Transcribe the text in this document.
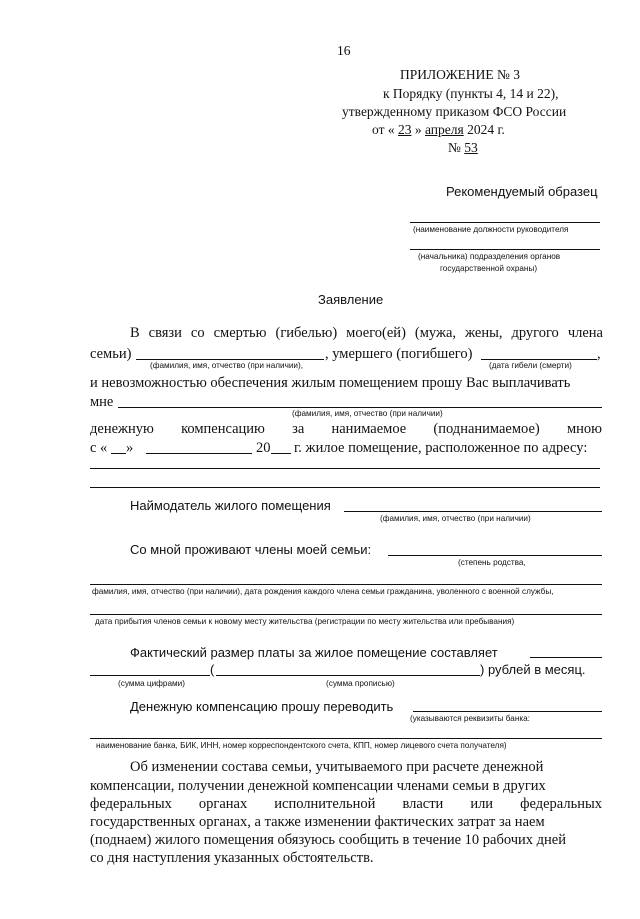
16
ПРИЛОЖЕНИЕ № 3
к Порядку (пункты 4, 14 и 22),
утвержденному приказом ФСО России
от « 23 » апреля 2024 г.
№ 53
Рекомендуемый образец
(наименование должности руководителя
(начальника) подразделения органов
государственной охраны)
Заявление
В связи со смертью (гибелью) моего(ей) (мужа, жены, другого члена
семьи)	, умершего (погибшего)	,
(фамилия, имя, отчество (при наличии),	(дата гибели (смерти)
и невозможностью обеспечения жилым помещением прошу Вас выплачивать
мне
(фамилия, имя, отчество (при наличии)
денежную компенсацию за нанимаемое (поднанимаемое) мною
с « »	20 г. жилое помещение, расположенное по адресу:
Наймодатель жилого помещения
(фамилия, имя, отчество (при наличии)
Со мной проживают члены моей семьи:
(степень родства,
фамилия, имя, отчество (при наличии), дата рождения каждого члена семьи гражданина, уволенного с военной службы,
дата прибытия членов семьи к новому месту жительства (регистрации по месту жительства или пребывания)
Фактический размер платы за жилое помещение составляет
(	) рублей в месяц.
(сумма цифрами)	(сумма прописью)
Денежную компенсацию прошу переводить
(указываются реквизиты банка:
наименование банка, БИК, ИНН, номер корреспондентского счета, КПП, номер лицевого счета получателя)
Об изменении состава семьи, учитываемого при расчете денежной
компенсации, получении денежной компенсации членами семьи в других
федеральных органах исполнительной власти или федеральных
государственных органах, а также изменении фактических затрат за наем
(поднаем) жилого помещения обязуюсь сообщить в течение 10 рабочих дней
со дня наступления указанных обстоятельств.
